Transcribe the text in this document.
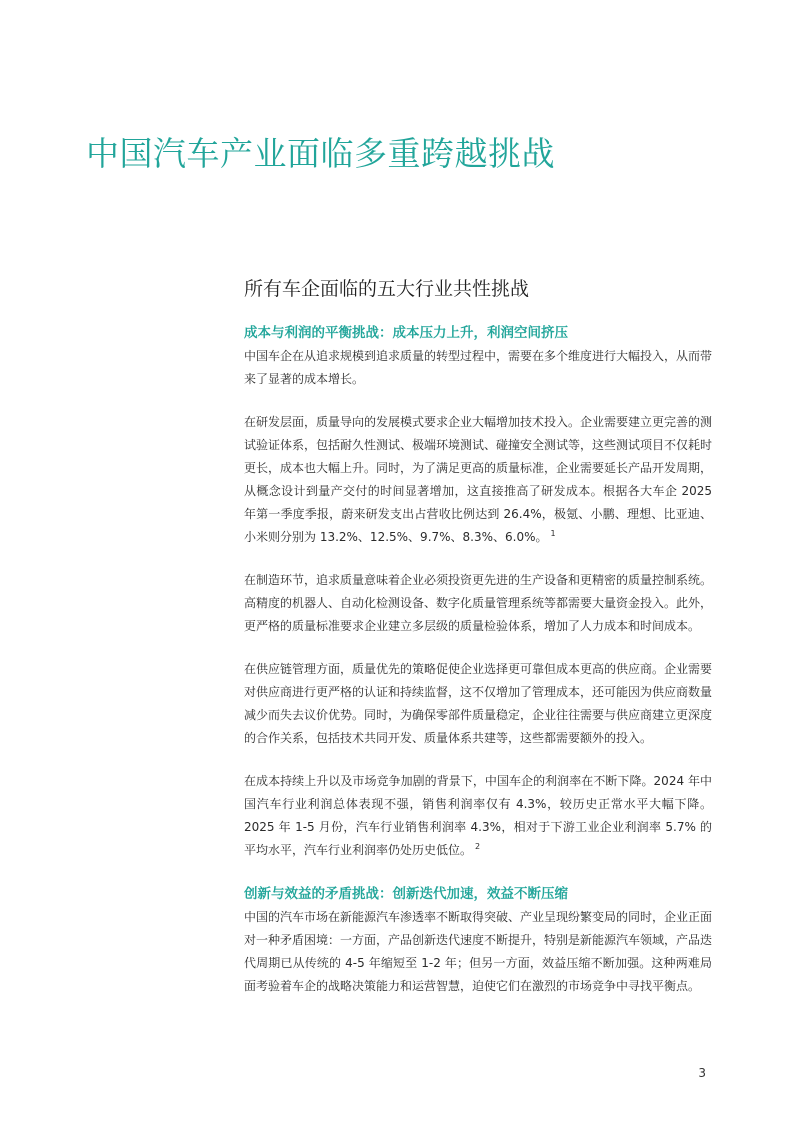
中国汽车产业面临多重跨越挑战
所有车企面临的五大行业共性挑战
成本与利润的平衡挑战：成本压力上升，利润空间挤压

中国车企在从追求规模到追求质量的转型过程中，需要在多个维度进行大幅投入，从而带来了显著的成本增长。

在研发层面，质量导向的发展模式要求企业大幅增加技术投入。企业需要建立更完善的测试验证体系，包括耐久性测试、极端环境测试、碰撞安全测试等，这些测试项目不仅耗时更长，成本也大幅上升。同时，为了满足更高的质量标准，企业需要延长产品开发周期，从概念设计到量产交付的时间显著增加，这直接推高了研发成本。根据各大车企 2025 年第一季度季报，蔚来研发支出占营收比例达到 26.4%，极氪、小鹏、理想、比亚迪、小米则分别为 13.2%、12.5%、9.7%、8.3%、6.0%。 $^1$

在制造环节，追求质量意味着企业必须投资更先进的生产设备和更精密的质量控制系统。高精度的机器人、自动化检测设备、数字化质量管理系统等都需要大量资金投入。此外，更严格的质量标准要求企业建立多层级的质量检验体系，增加了人力成本和时间成本。

在供应链管理方面，质量优先的策略促使企业选择更可靠但成本更高的供应商。企业需要对供应商进行更严格的认证和持续监督，这不仅增加了管理成本，还可能因为供应商数量减少而失去议价优势。同时，为确保零部件质量稳定，企业往往需要与供应商建立更深度的合作关系，包括技术共同开发、质量体系共建等，这些都需要额外的投入。

在成本持续上升以及市场竞争加剧的背景下，中国车企的利润率在不断下降。2024 年中国汽车行业利润总体表现不强，销售利润率仅有 4.3%，较历史正常水平大幅下降。2025 年 1-5 月份，汽车行业销售利润率 4.3%，相对于下游工业企业利润率 5.7% 的平均水平，汽车行业利润率仍处历史低位。 $^2$

创新与效益的矛盾挑战：创新迭代加速，效益不断压缩

中国的汽车市场在新能源汽车渗透率不断取得突破、产业呈现纷繁变局的同时，企业正面对一种矛盾困境：一方面，产品创新迭代速度不断提升，特别是新能源汽车领域，产品迭代周期已从传统的 4-5 年缩短至 1-2 年；但另一方面，效益压缩不断加强。这种两难局面考验着车企的战略决策能力和运营智慧，迫使它们在激烈的市场竞争中寻找平衡点。

3
